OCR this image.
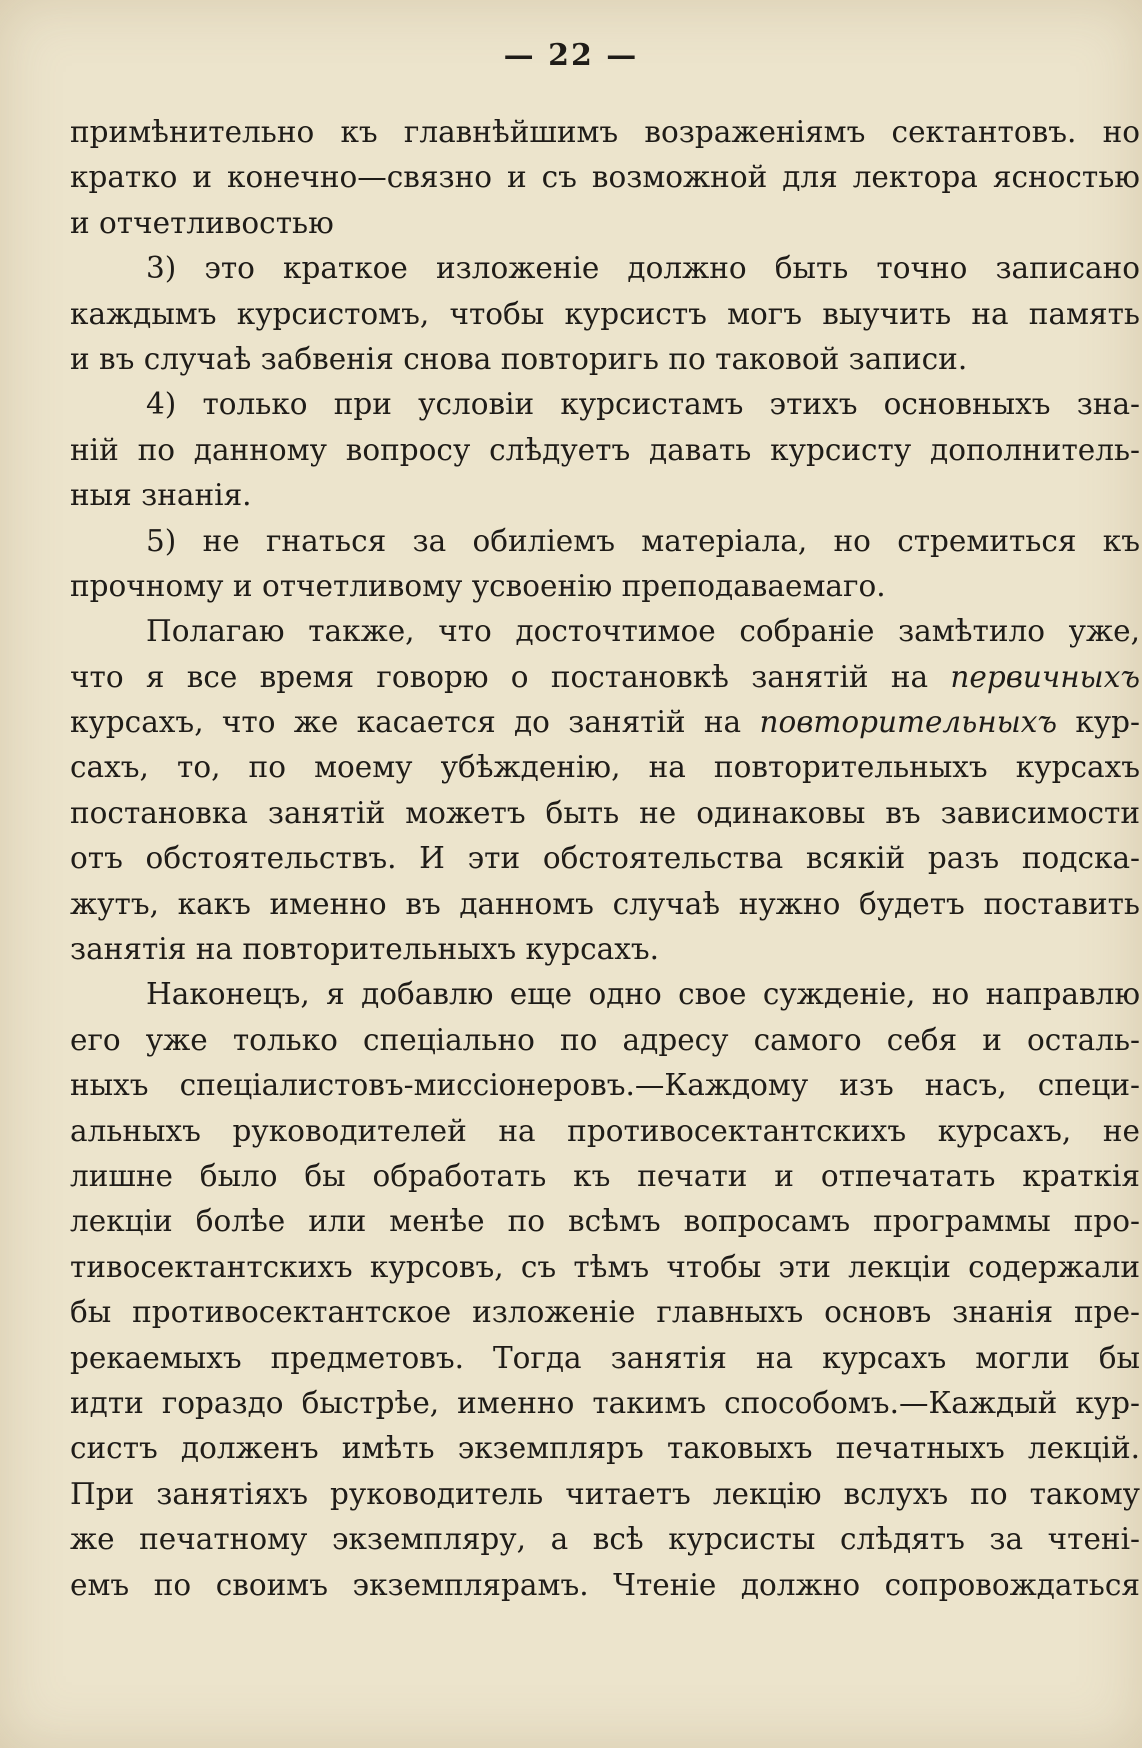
— 22 —
примѣнительно къ главнѣйшимъ возраженіямъ сектантовъ. но
кратко и конечно—связно и съ возможной для лектора ясностью
и отчетливостью
3) это краткое изложеніе должно быть точно записано
каждымъ курсистомъ, чтобы курсистъ могъ выучить на память
и въ случаѣ забвенія снова повторигь по таковой записи.
4) только при условіи курсистамъ этихъ основныхъ зна-
ній по данному вопросу слѣдуетъ давать курсисту дополнитель-
ныя знанія.
5) не гнаться за обиліемъ матеріала, но стремиться къ
прочному и отчетливому усвоенію преподаваемаго.
Полагаю также, что досточтимое собраніе замѣтило уже,
что я все время говорю о постановкѣ занятій на первичныхъ
курсахъ, что же касается до занятій на повторительныхъ кур-
сахъ, то, по моему убѣжденію, на повторительныхъ курсахъ
постановка занятій можетъ быть не одинаковы въ зависимости
отъ обстоятельствъ. И эти обстоятельства всякій разъ подска-
жутъ, какъ именно въ данномъ случаѣ нужно будетъ поставить
занятія на повторительныхъ курсахъ.
Наконецъ, я добавлю еще одно свое сужденіе, но направлю
его уже только спеціально по адресу самого себя и осталь-
ныхъ спеціалистовъ-миссіонеровъ.—Каждому изъ насъ, специ-
альныхъ руководителей на противосектантскихъ курсахъ, не
лишне было бы обработать къ печати и отпечатать краткія
лекціи болѣе или менѣе по всѣмъ вопросамъ программы про-
тивосектантскихъ курсовъ, съ тѣмъ чтобы эти лекціи содержали
бы противосектантское изложеніе главныхъ основъ знанія пре-
рекаемыхъ предметовъ. Тогда занятія на курсахъ могли бы
идти гораздо быстрѣе, именно такимъ способомъ.—Каждый кур-
систъ долженъ имѣть экземпляръ таковыхъ печатныхъ лекцій.
При занятіяхъ руководитель читаетъ лекцію вслухъ по такому
же печатному экземпляру, а всѣ курсисты слѣдятъ за чтені-
емъ по своимъ экземплярамъ. Чтеніе должно сопровождаться
